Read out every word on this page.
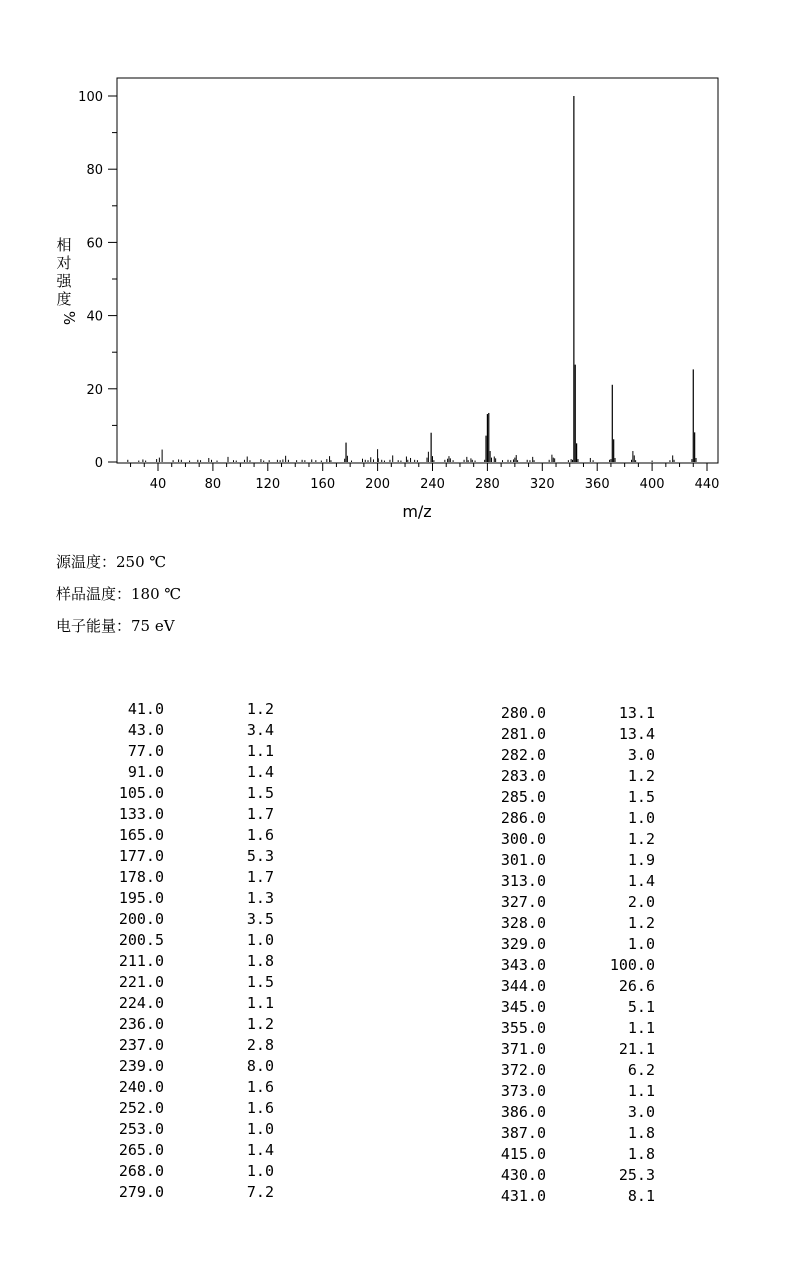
0
20
40
60
80
100
40	80	120 160 200 240 280 320 360 400 440
m/z
相
对
强
度
%
源温度：250 ℃
样品温度：180 ℃
电子能量：75 eV
41.0	1.2
43.0	3.4
77.0	1.1
91.0	1.4
105.0	1.5
133.0	1.7
165.0	1.6
177.0	5.3
178.0	1.7
195.0	1.3
200.0	3.5
200.5	1.0
211.0	1.8
221.0	1.5
224.0	1.1
236.0	1.2
237.0	2.8
239.0	8.0
240.0	1.6
252.0	1.6
253.0	1.0
265.0	1.4
268.0	1.0
279.0	7.2
280.0	13.1
281.0	13.4
282.0	3.0
283.0	1.2
285.0	1.5
286.0	1.0
300.0	1.2
301.0	1.9
313.0	1.4
327.0	2.0
328.0	1.2
329.0	1.0
343.0	100.0
344.0	26.6
345.0	5.1
355.0	1.1
371.0	21.1
372.0	6.2
373.0	1.1
386.0	3.0
387.0	1.8
415.0	1.8
430.0	25.3
431.0	8.1
